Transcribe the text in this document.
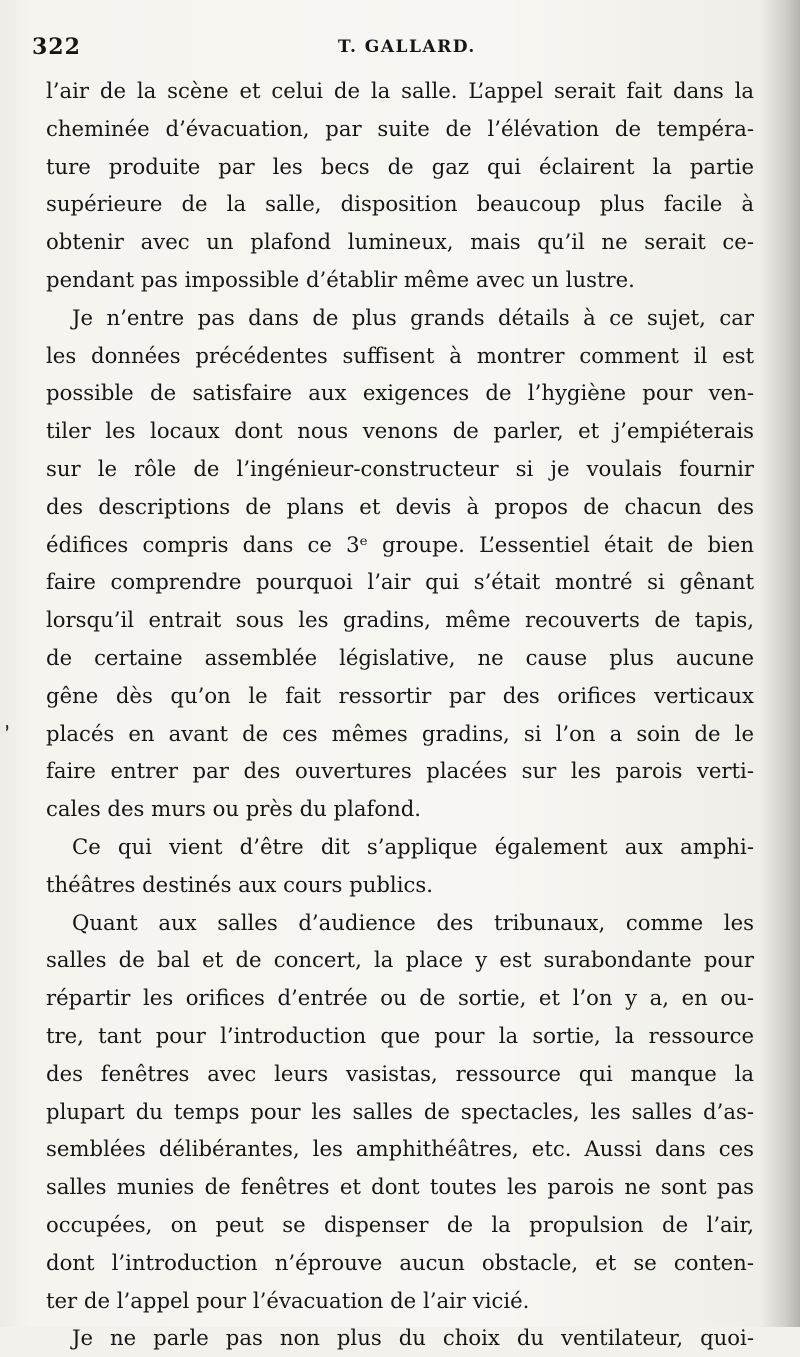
322	T. GALLARD.
’
l’air de la scène et celui de la salle. L’appel serait fait dans la
cheminée d’évacuation, par suite de l’élévation de tempéra-
ture produite par les becs de gaz qui éclairent la partie
supérieure de la salle, disposition beaucoup plus facile à
obtenir avec un plafond lumineux, mais qu’il ne serait ce-
pendant pas impossible d’établir même avec un lustre.
Je n’entre pas dans de plus grands détails à ce sujet, car
les données précédentes suffisent à montrer comment il est
possible de satisfaire aux exigences de l’hygiène pour ven-
tiler les locaux dont nous venons de parler, et j’empiéterais
sur le rôle de l’ingénieur-constructeur si je voulais fournir
des descriptions de plans et devis à propos de chacun des
édifices compris dans ce 3ᵉ groupe. L’essentiel était de bien
faire comprendre pourquoi l’air qui s’était montré si gênant
lorsqu’il entrait sous les gradins, même recouverts de tapis,
de certaine assemblée législative, ne cause plus aucune
gêne dès qu’on le fait ressortir par des orifices verticaux
placés en avant de ces mêmes gradins, si l’on a soin de le
faire entrer par des ouvertures placées sur les parois verti-
cales des murs ou près du plafond.
Ce qui vient d’être dit s’applique également aux amphi-
théâtres destinés aux cours publics.
Quant aux salles d’audience des tribunaux, comme les
salles de bal et de concert, la place y est surabondante pour
répartir les orifices d’entrée ou de sortie, et l’on y a, en ou-
tre, tant pour l’introduction que pour la sortie, la ressource
des fenêtres avec leurs vasistas, ressource qui manque la
plupart du temps pour les salles de spectacles, les salles d’as-
semblées délibérantes, les amphithéâtres, etc. Aussi dans ces
salles munies de fenêtres et dont toutes les parois ne sont pas
occupées, on peut se dispenser de la propulsion de l’air,
dont l’introduction n’éprouve aucun obstacle, et se conten-
ter de l’appel pour l’évacuation de l’air vicié.
Je ne parle pas non plus du choix du ventilateur, quoi-
